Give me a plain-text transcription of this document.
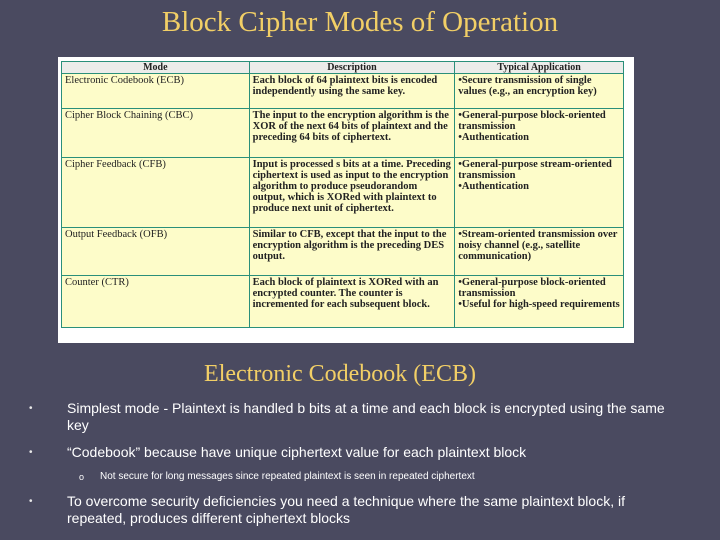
Block Cipher Modes of Operation
Mode	Description	Typical Application
Electronic Codebook (ECB)	Each block of 64 plaintext bits is encoded independently using the same key.	•Secure transmission of single values (e.g., an encryption key)

Cipher Block Chaining (CBC)	The input to the encryption algorithm is the XOR of the next 64 bits of plaintext and the preceding 64 bits of ciphertext.	•General-purpose block-oriented transmission
•Authentication

Cipher Feedback (CFB)	Input is processed s bits at a time. Preceding ciphertext is used as input to the encryption algorithm to produce pseudorandom output, which is XORed with plaintext to produce next unit of ciphertext.	•General-purpose stream-oriented transmission
•Authentication

Output Feedback (OFB)	Similar to CFB, except that the input to the encryption algorithm is the preceding DES output.	•Stream-oriented transmission over noisy channel (e.g., satellite communication)

Counter (CTR)	Each block of plaintext is XORed with an encrypted counter. The counter is incremented for each subsequent block.	•General-purpose block-oriented transmission
•Useful for high-speed requirements
Electronic Codebook (ECB)
• Simplest mode - Plaintext is handled b bits at a time and each block is encrypted using the same key
• “Codebook” because have unique ciphertext value for each plaintext block
o Not secure for long messages since repeated plaintext is seen in repeated ciphertext
• To overcome security deficiencies you need a technique where the same plaintext block, if repeated, produces different ciphertext blocks
